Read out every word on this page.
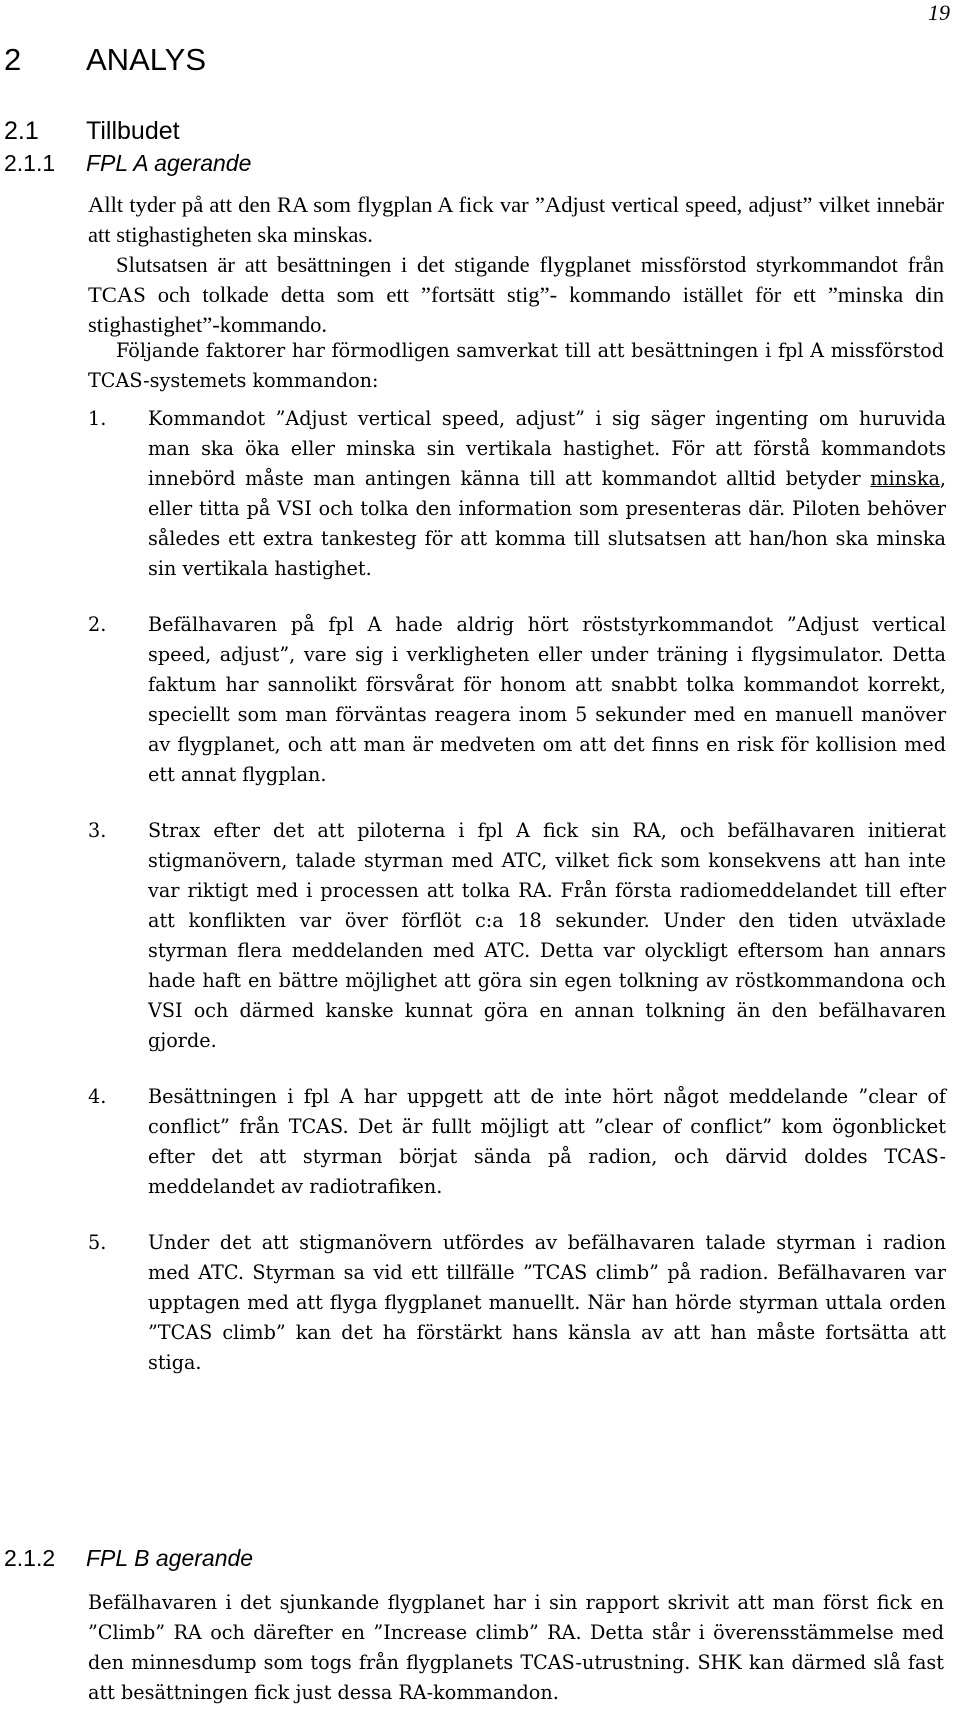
19
2 ANALYS
2.1 Tillbudet
2.1.1 FPL A agerande

Allt tyder på att den RA som flygplan A fick var ”Adjust vertical speed, adjust” vilket innebär att stighastigheten ska minskas.

Slutsatsen är att besättningen i det stigande flygplanet missförstod styrkommandot från TCAS och tolkade detta som ett ”fortsätt stig”- kommando istället för ett ”minska din stighastighet”-kommando.

Följande faktorer har förmodligen samverkat till att besättningen i fpl A missförstod TCAS-systemets kommandon:

1.	Kommandot ”Adjust vertical speed, adjust” i sig säger ingenting om huruvida man ska öka eller minska sin vertikala hastighet. För att förstå kommandots innebörd måste man antingen känna till att kommandot alltid betyder minska, eller titta på VSI och tolka den information som presenteras där. Piloten behöver således ett extra tankesteg för att komma till slutsatsen att han/hon ska minska sin vertikala hastighet.
2.	Befälhavaren på fpl A hade aldrig hört röststyrkommandot ”Adjust vertical speed, adjust”, vare sig i verkligheten eller under träning i flygsimulator. Detta faktum har sannolikt försvårat för honom att snabbt tolka kommandot korrekt, speciellt som man förväntas reagera inom 5 sekunder med en manuell manöver av flygplanet, och att man är medveten om att det finns en risk för kollision med ett annat flygplan.
3.	Strax efter det att piloterna i fpl A fick sin RA, och befälhavaren initierat stigmanövern, talade styrman med ATC, vilket fick som konsekvens att han inte var riktigt med i processen att tolka RA. Från första radiomeddelandet till efter att konflikten var över förflöt c:a 18 sekunder. Under den tiden utväxlade styrman flera meddelanden med ATC. Detta var olyckligt eftersom han annars hade haft en bättre möjlighet att göra sin egen tolkning av röstkommandona och VSI och därmed kanske kunnat göra en annan tolkning än den befälhavaren gjorde.
4.	Besättningen i fpl A har uppgett att de inte hört något meddelande ”clear of conflict” från TCAS. Det är fullt möjligt att ”clear of conflict” kom ögonblicket efter det att styrman börjat sända på radion, och därvid doldes TCAS-meddelandet av radiotrafiken.
5.	Under det att stigmanövern utfördes av befälhavaren talade styrman i radion med ATC. Styrman sa vid ett tillfälle ”TCAS climb” på radion. Befälhavaren var upptagen med att flyga flygplanet manuellt. När han hörde styrman uttala orden ”TCAS climb” kan det ha förstärkt hans känsla av att han måste fortsätta att stiga.
2.1.2 FPL B agerande

Befälhavaren i det sjunkande flygplanet har i sin rapport skrivit att man först fick en ”Climb” RA och därefter en ”Increase climb” RA. Detta står i överensstämmelse med den minnesdump som togs från flygplanets TCAS-utrustning. SHK kan därmed slå fast att besättningen fick just dessa RA-kommandon.
